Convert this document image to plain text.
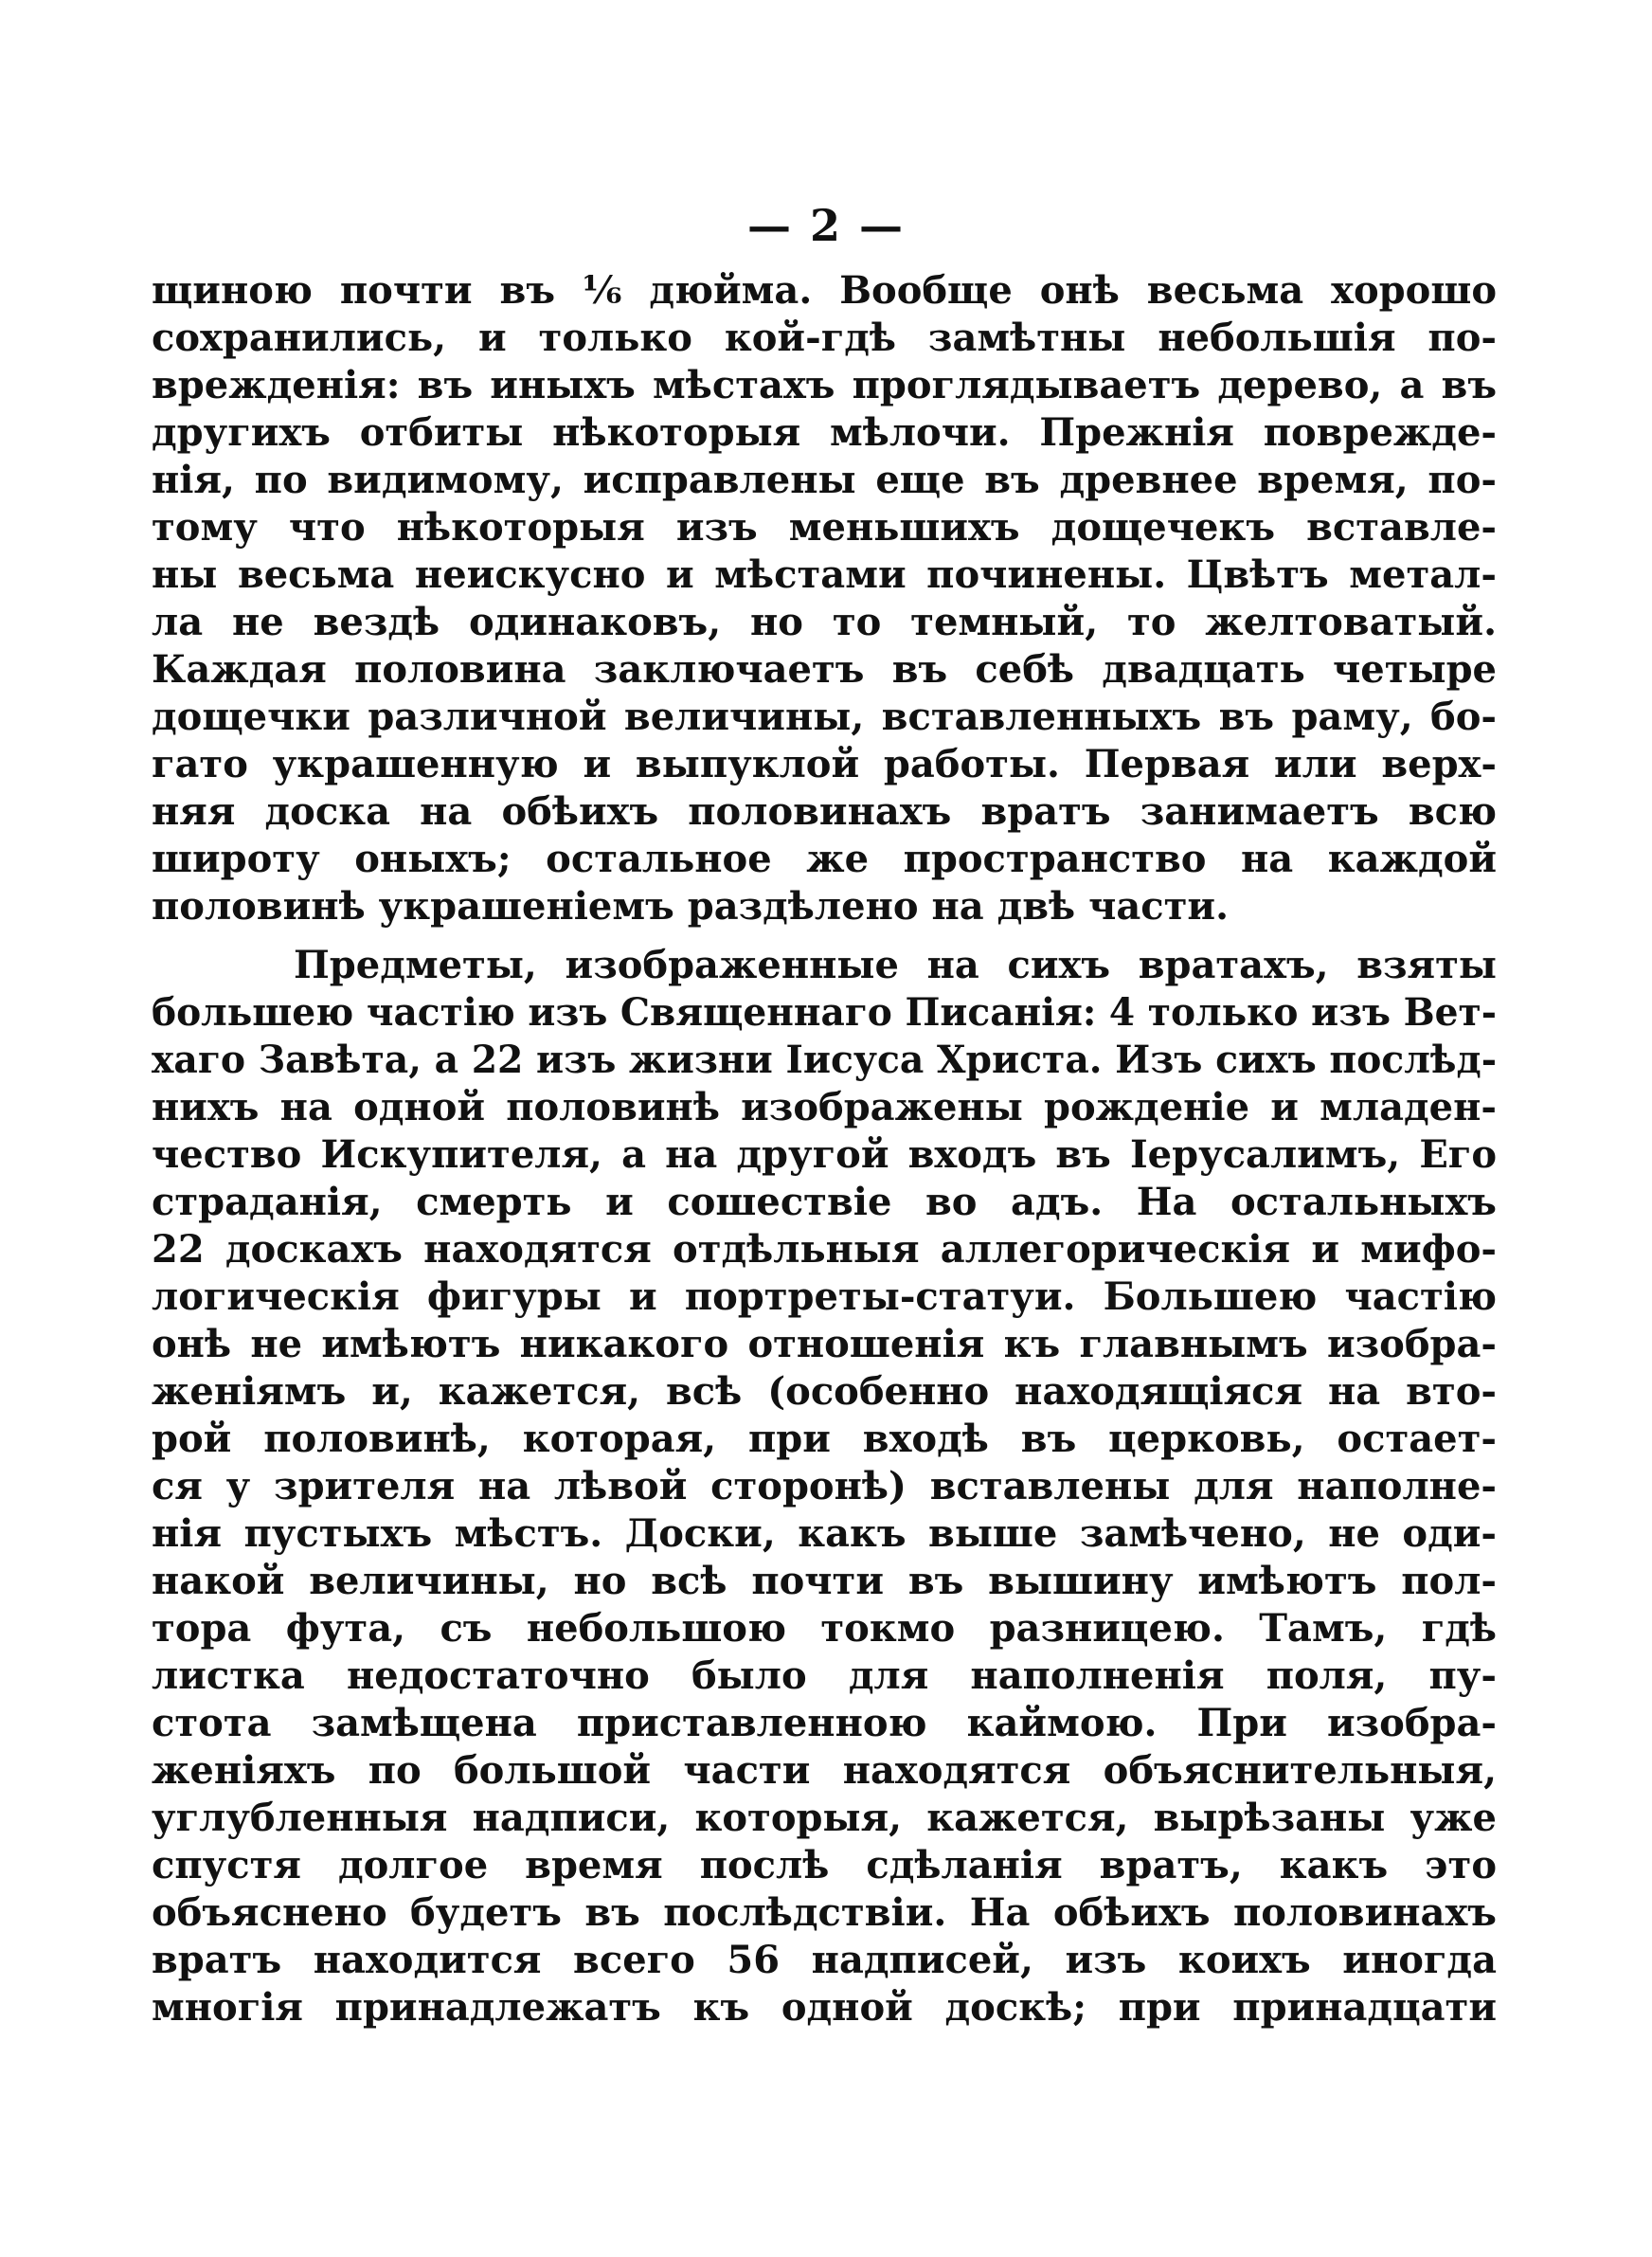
— 2 —
щиною почти въ ⅙ дюйма. Вообще онѣ весьма хорошо
сохранились, и только кой-гдѣ замѣтны небольшія по-
врежденія: въ иныхъ мѣстахъ проглядываетъ дерево, а въ
другихъ отбиты нѣкоторыя мѣлочи. Прежнія поврежде-
нія, по видимому, исправлены еще въ древнее время, по-
тому что нѣкоторыя изъ меньшихъ дощечекъ вставле-
ны весьма неискусно и мѣстами починены. Цвѣтъ метал-
ла не вездѣ одинаковъ, но то темный, то желтоватый.
Каждая половина заключаетъ въ себѣ двадцать четыре
дощечки различной величины, вставленныхъ въ раму, бо-
гато украшенную и выпуклой работы. Первая или верх-
няя доска на обѣихъ половинахъ вратъ занимаетъ всю
широту оныхъ; остальное же пространство на каждой
половинѣ украшеніемъ раздѣлено на двѣ части.
Предметы, изображенные на сихъ вратахъ, взяты
большею частію изъ Священнаго Писанія: 4 только изъ Вет-
хаго Завѣта, а 22 изъ жизни Іисуса Христа. Изъ сихъ послѣд-
нихъ на одной половинѣ изображены рожденіе и младен-
чество Искупителя, а на другой входъ въ Іерусалимъ, Его
страданія, смерть и сошествіе во адъ. На остальныхъ
22 доскахъ находятся отдѣльныя аллегорическія и мифо-
логическія фигуры и портреты-статуи. Большею частію
онѣ не имѣютъ никакого отношенія къ главнымъ изобра-
женіямъ и, кажется, всѣ (особенно находящіяся на вто-
рой половинѣ, которая, при входѣ въ церковь, остает-
ся у зрителя на лѣвой сторонѣ) вставлены для наполне-
нія пустыхъ мѣстъ. Доски, какъ выше замѣчено, не оди-
накой величины, но всѣ почти въ вышину имѣютъ пол-
тора фута, съ небольшою токмо разницею. Тамъ, гдѣ
листка недостаточно было для наполненія поля, пу-
стота замѣщена приставленною каймою. При изобра-
женіяхъ по большой части находятся объяснительныя,
углубленныя надписи, которыя, кажется, вырѣзаны уже
спустя долгое время послѣ сдѣланія вратъ, какъ это
объяснено будетъ въ послѣдствіи. На обѣихъ половинахъ
вратъ находится всего 56 надписей, изъ коихъ иногда
многія принадлежатъ къ одной доскѣ; при принадцати
